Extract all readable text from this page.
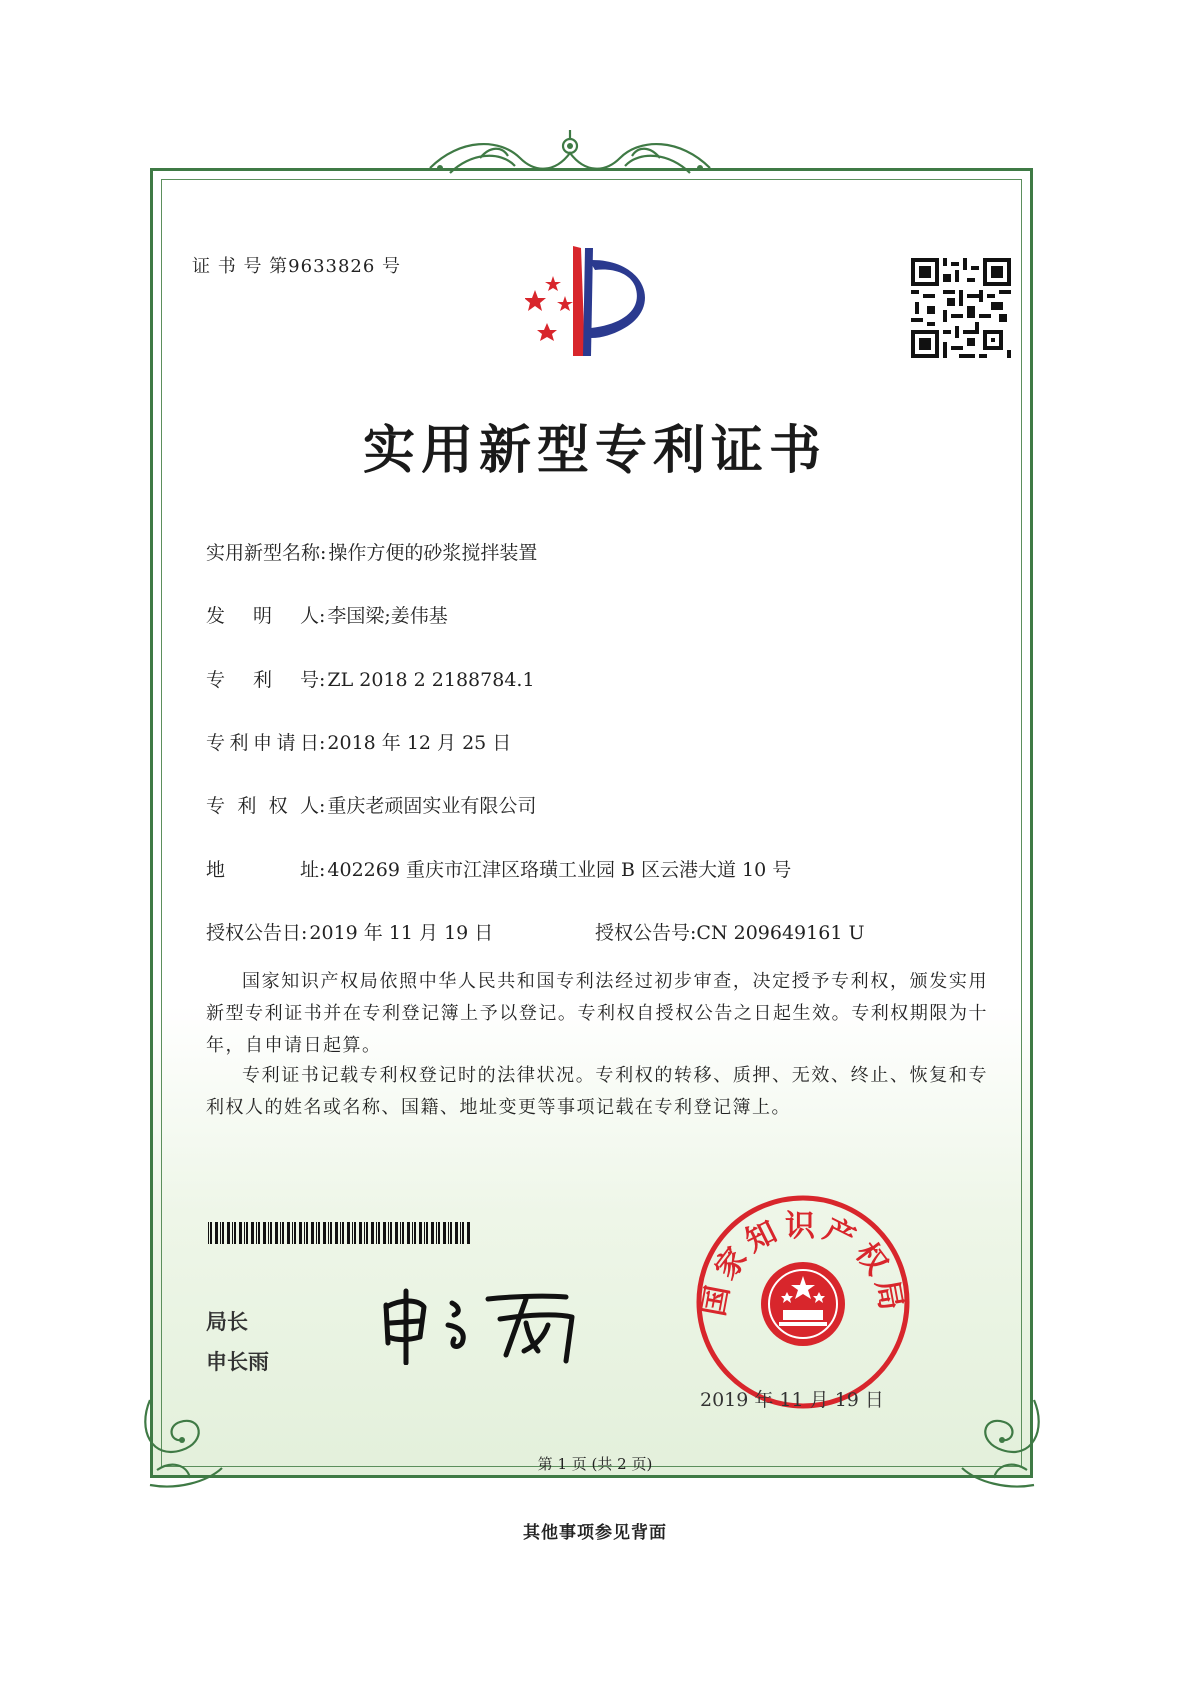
证 书 号 第9633826 号
实用新型专利证书
实用新型名称: 操作方便的砂浆搅拌装置
发 明 人: 李国梁;姜伟基
专 利 号: ZL 2018 2 2188784.1
专利申请日: 2018 年 12 月 25 日
专 利 权 人: 重庆老顽固实业有限公司
地 址: 402269 重庆市江津区珞璜工业园 B 区云港大道 10 号
授权公告日: 2019 年 11 月 19 日	授权公告号:CN 209649161 U
国家知识产权局依照中华人民共和国专利法经过初步审查，决定授予专利权，颁发实用新型专利证书并在专利登记簿上予以登记。专利权自授权公告之日起生效。专利权期限为十年，自申请日起算。
专利证书记载专利权登记时的法律状况。专利权的转移、质押、无效、终止、恢复和专利权人的姓名或名称、国籍、地址变更等事项记载在专利登记簿上。
局长
申长雨
国家知识产权局
2019 年 11 月 19 日
第 1 页 (共 2 页)
其他事项参见背面
